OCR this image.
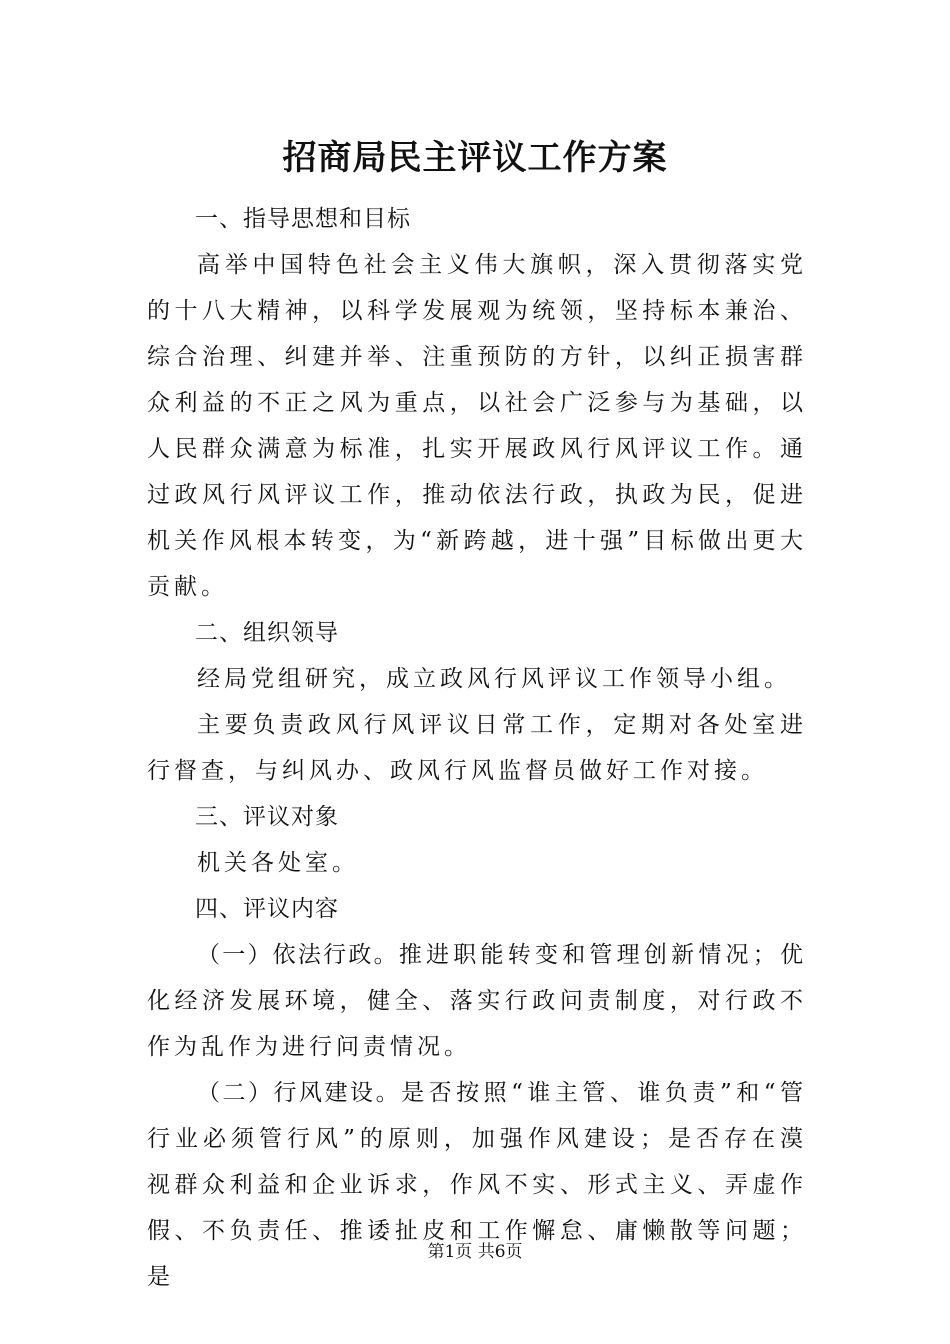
招商局民主评议工作方案

一、指导思想和目标

高举中国特色社会主义伟大旗帜，深入贯彻落实党的十八大精神，以科学发展观为统领，坚持标本兼治、综合治理、纠建并举、注重预防的方针，以纠正损害群众利益的不正之风为重点，以社会广泛参与为基础，以人民群众满意为标准，扎实开展政风行风评议工作。通过政风行风评议工作，推动依法行政，执政为民，促进机关作风根本转变，为“新跨越，进十强”目标做出更大贡献。

二、组织领导

经局党组研究，成立政风行风评议工作领导小组。

主要负责政风行风评议日常工作，定期对各处室进行督查，与纠风办、政风行风监督员做好工作对接。

三、评议对象

机关各处室。

四、评议内容

（一）依法行政。推进职能转变和管理创新情况；优化经济发展环境，健全、落实行政问责制度，对行政不作为乱作为进行问责情况。

（二）行风建设。是否按照“谁主管、谁负责”和“管行业必须管行风”的原则，加强作风建设；是否存在漠视群众利益和企业诉求，作风不实、形式主义、弄虚作假、不负责任、推诿扯皮和工作懈怠、庸懒散等问题；是

第1页 共6页
